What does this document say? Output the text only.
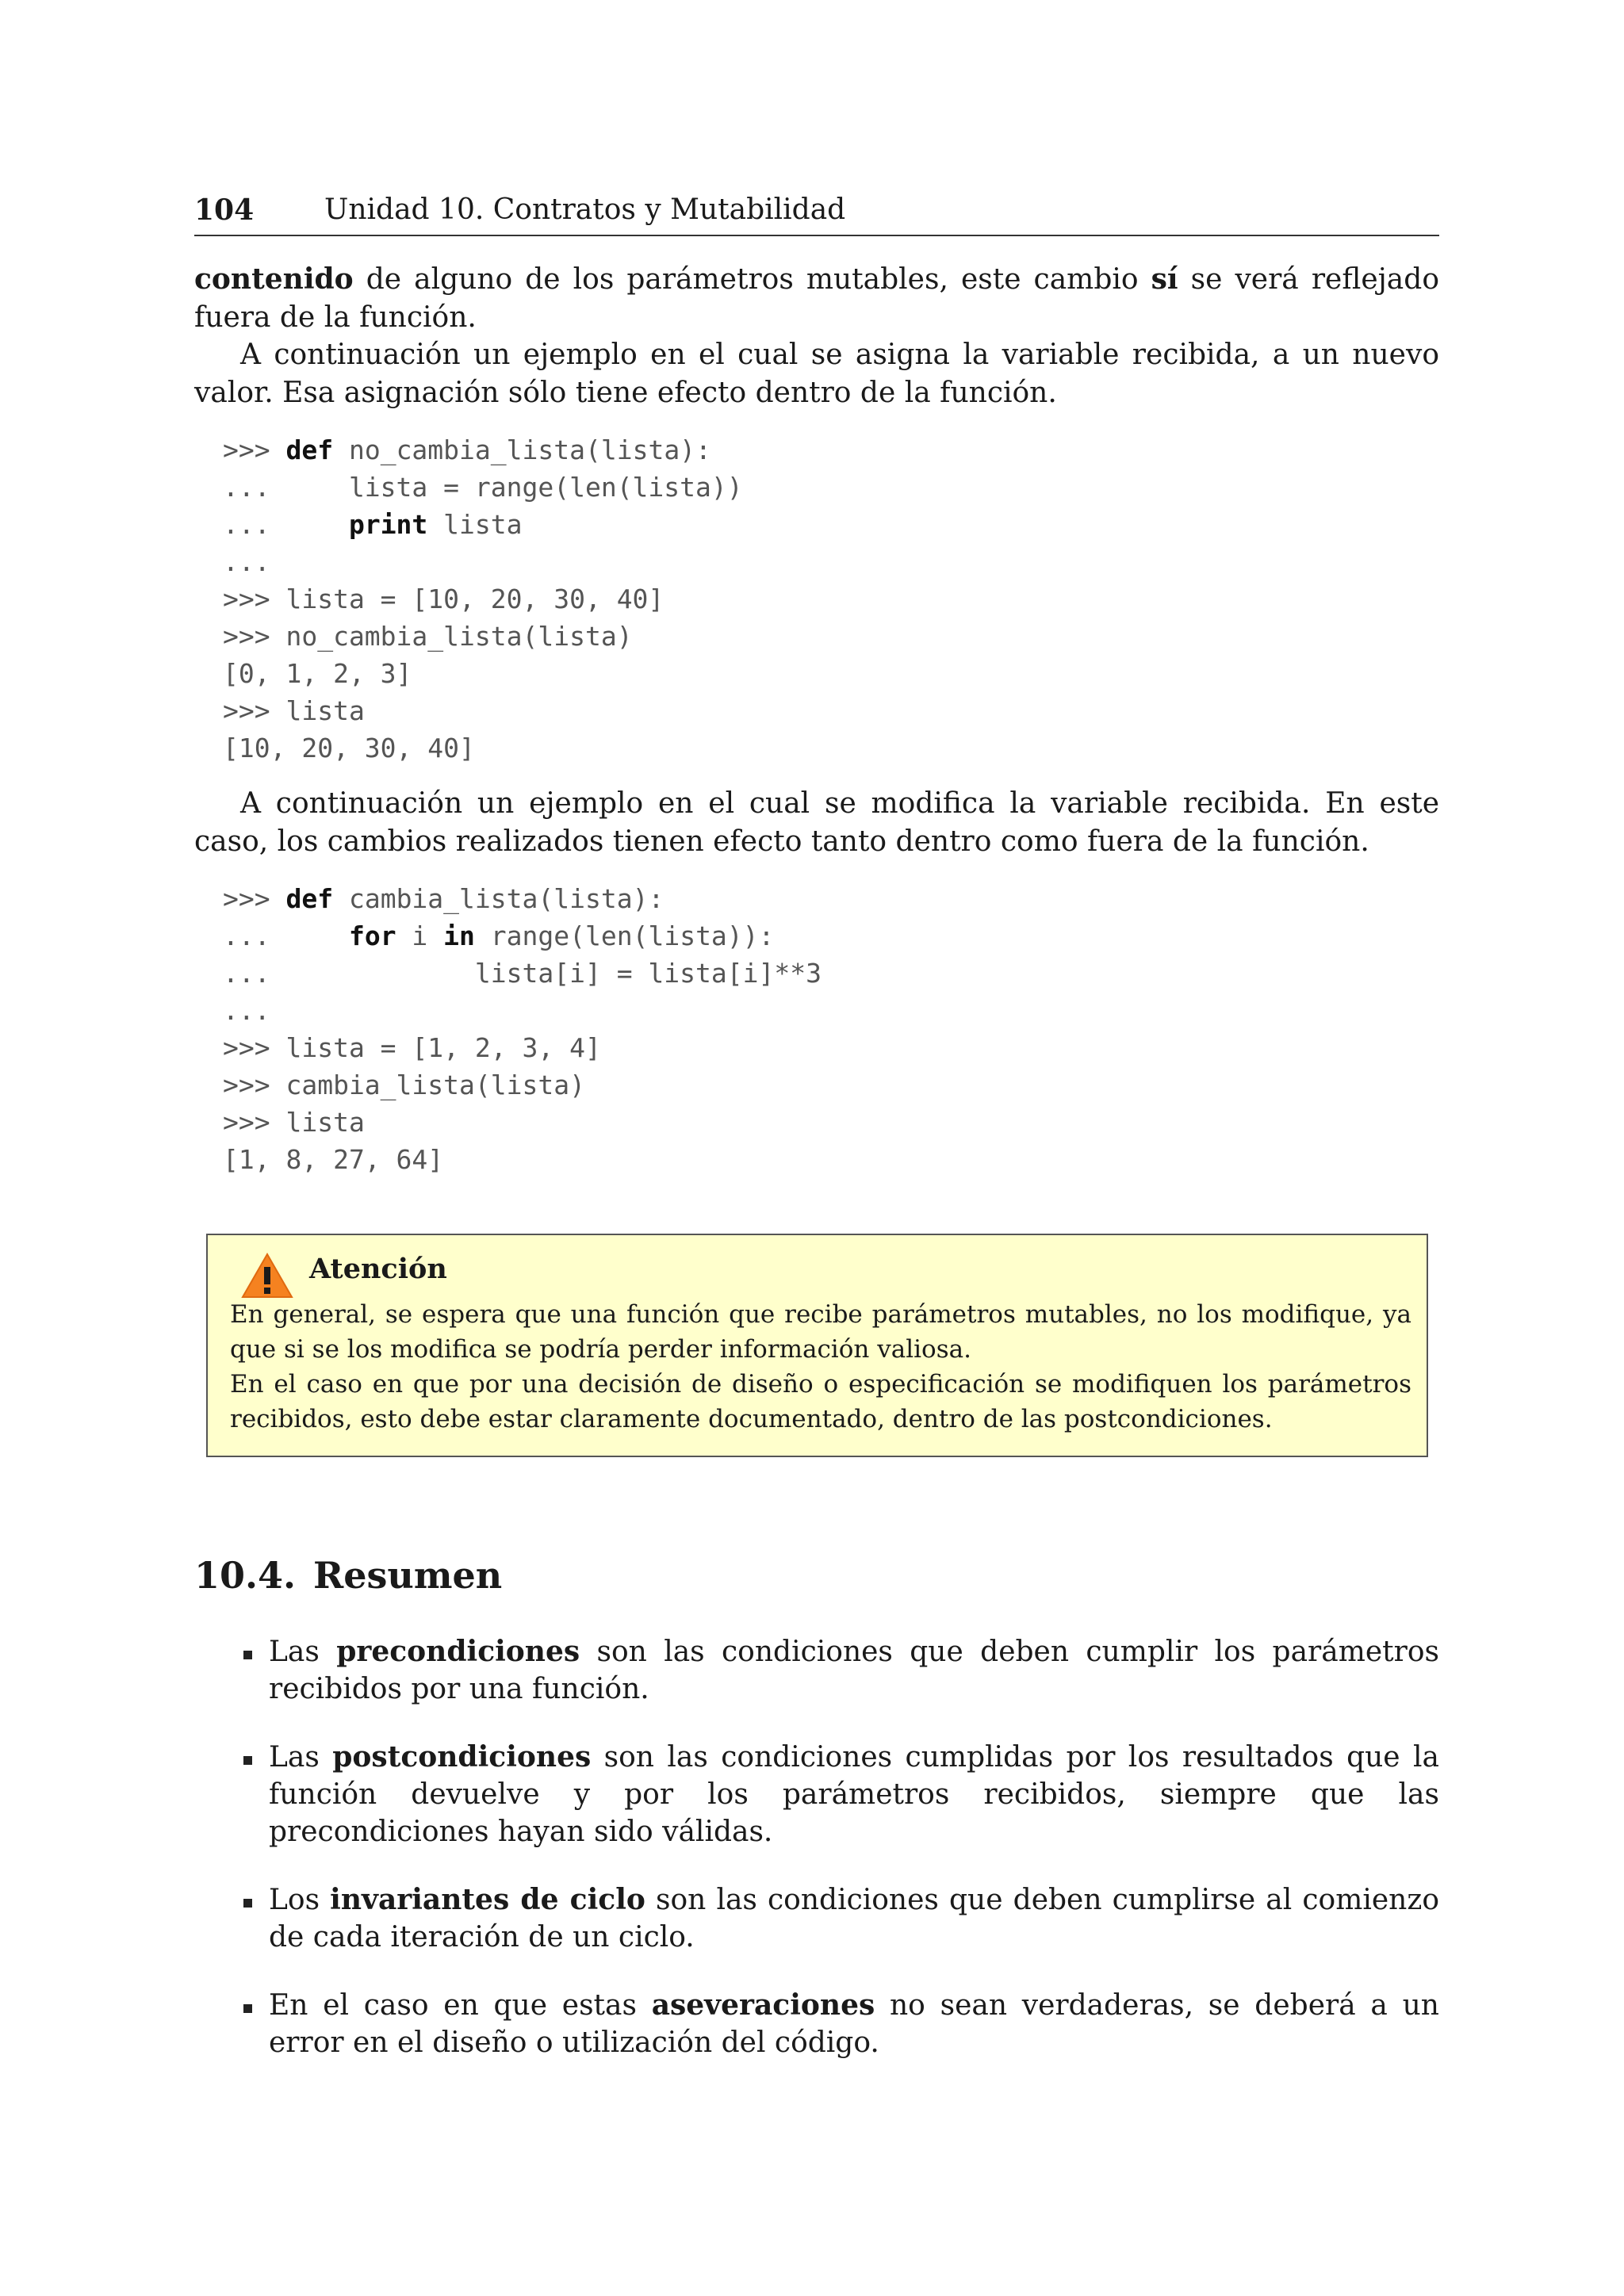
104 Unidad 10. Contratos y Mutabilidad
contenido de alguno de los parámetros mutables, este cambio sí se verá reflejado fuera de la función.
A continuación un ejemplo en el cual se asigna la variable recibida, a un nuevo valor. Esa asignación sólo tiene efecto dentro de la función.
>>> def no_cambia_lista(lista):
...     lista = range(len(lista))
...     print lista
...
>>> lista = [10, 20, 30, 40]
>>> no_cambia_lista(lista)
[0, 1, 2, 3]
>>> lista
[10, 20, 30, 40]
A continuación un ejemplo en el cual se modifica la variable recibida. En este caso, los cambios realizados tienen efecto tanto dentro como fuera de la función.
>>> def cambia_lista(lista):
...     for i in range(len(lista)):
...             lista[i] = lista[i]**3
...
>>> lista = [1, 2, 3, 4]
>>> cambia_lista(lista)
>>> lista
[1, 8, 27, 64]
Atención

En general, se espera que una función que recibe parámetros mutables, no los modifique, ya que si se los modifica se podría perder información valiosa.

En el caso en que por una decisión de diseño o especificación se modifiquen los parámetros recibidos, esto debe estar claramente documentado, dentro de las postcondiciones.

10.4. Resumen
Las precondiciones son las condiciones que deben cumplir los parámetros recibidos por una función.
Las postcondiciones son las condiciones cumplidas por los resultados que la función devuelve y por los parámetros recibidos, siempre que las precondiciones hayan sido válidas.
Los invariantes de ciclo son las condiciones que deben cumplirse al comienzo de cada iteración de un ciclo.
En el caso en que estas aseveraciones no sean verdaderas, se deberá a un error en el diseño o utilización del código.
